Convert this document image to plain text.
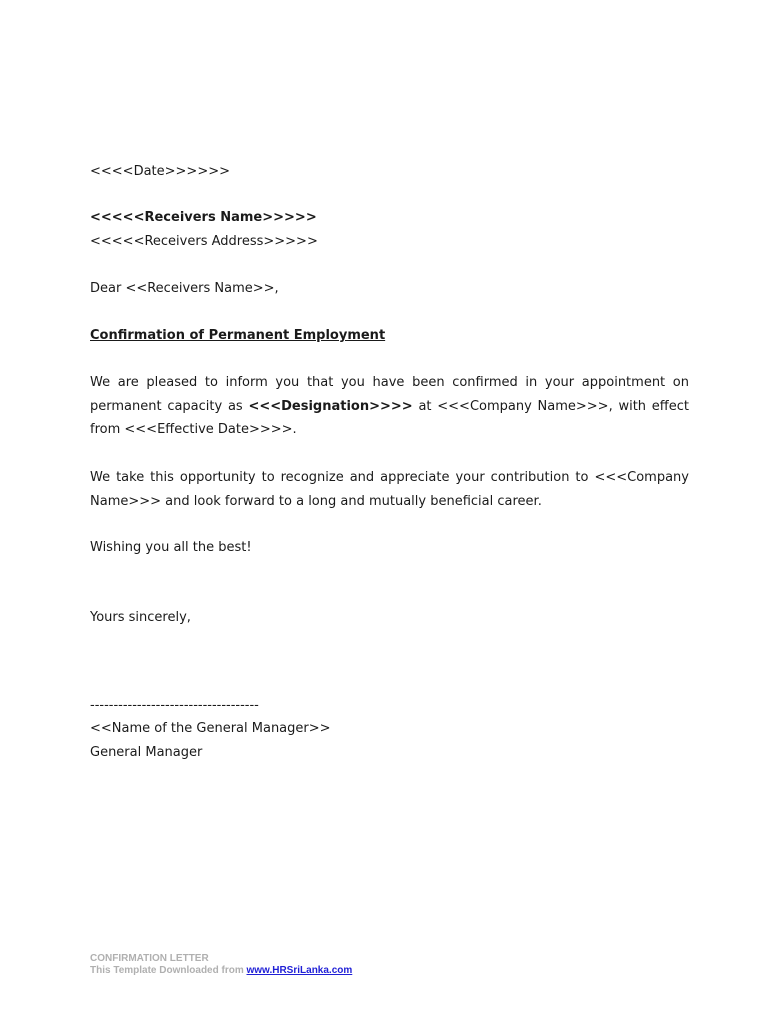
<<<<Date>>>>>>
<<<<<Receivers Name>>>>>
<<<<<Receivers Address>>>>>
Dear <<Receivers Name>>,
Confirmation of Permanent Employment
We are pleased to inform you that you have been confirmed in your appointment on permanent capacity as <<<Designation>>>> at <<<Company Name>>>, with effect from <<<Effective Date>>>>.
We take this opportunity to recognize and appreciate your contribution to <<<Company Name>>> and look forward to a long and mutually beneficial career.
Wishing you all the best!
Yours sincerely,
------------------------------------
<<Name of the General Manager>>
General Manager
CONFIRMATION LETTER
This Template Downloaded from www.HRSriLanka.com
